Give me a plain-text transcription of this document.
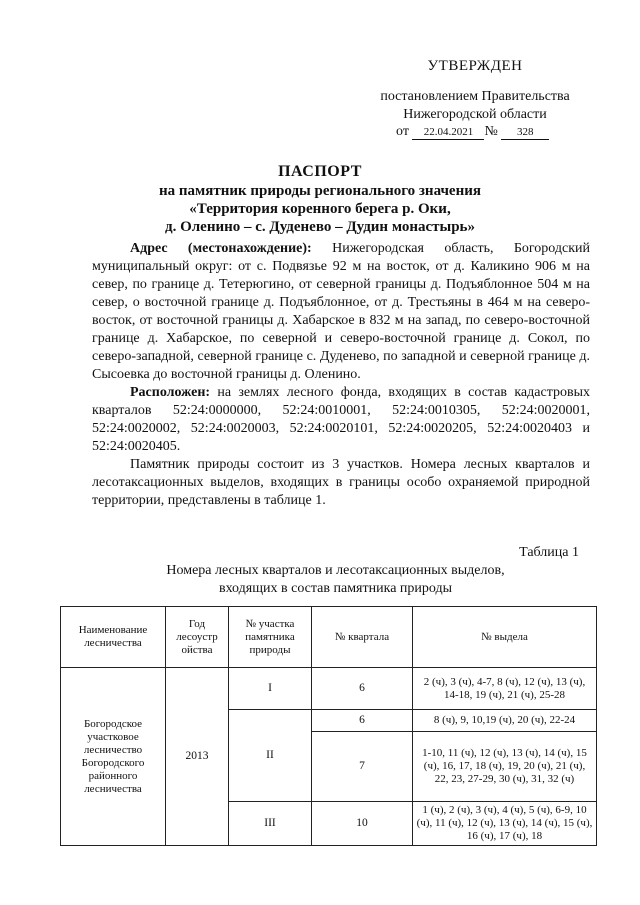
УТВЕРЖДЕН
постановлением Правительства
Нижегородской области
от 22.04.2021 № 328
ПАСПОРТ
на памятник природы регионального значения
«Территория коренного берега р. Оки,
д. Оленино – с. Дуденево – Дудин монастырь»

Адрес (местонахождение): Нижегородская область, Богородский муниципальный округ: от с. Подвязье 92 м на восток, от д. Каликино 906 м на север, по границе д. Тетерюгино, от северной границы д. Подъяблонное 504 м на север, о восточной границе д. Подъяблонное, от д. Трестьяны в 464 м на северо-восток, от восточной границы д. Хабарское в 832 м на запад, по северо-восточной границе д. Хабарское, по северной и северо-восточной границе д. Сокол, по северо-западной, северной границе с. Дуденево, по западной и северной границе д. Сысоевка до восточной границы д. Оленино.

Расположен: на землях лесного фонда, входящих в состав кадастровых кварталов 52:24:0000000, 52:24:0010001, 52:24:0010305, 52:24:0020001, 52:24:0020002, 52:24:0020003, 52:24:0020101, 52:24:0020205, 52:24:0020403 и 52:24:0020405.

Памятник природы состоит из 3 участков. Номера лесных кварталов и лесотаксационных выделов, входящих в границы особо охраняемой природной территории, представлены в таблице 1.

Таблица 1
Номера лесных кварталов и лесотаксационных выделов,
входящих в состав памятника природы
Наименование лесничества	Год лесоустр ойства	№ участка памятника природы	№ квартала	№ выдела
Богородское участковое лесничество Богородского районного лесничества	2013	I	6	2 (ч), 3 (ч), 4-7, 8 (ч), 12 (ч), 13 (ч), 14-18, 19 (ч), 21 (ч), 25-28
		II	6	8 (ч), 9, 10,19 (ч), 20 (ч), 22-24
			7	1-10, 11 (ч), 12 (ч), 13 (ч), 14 (ч), 15 (ч), 16, 17, 18 (ч), 19, 20 (ч), 21 (ч), 22, 23, 27-29, 30 (ч), 31, 32 (ч)
		III	10	1 (ч), 2 (ч), 3 (ч), 4 (ч), 5 (ч), 6-9, 10 (ч), 11 (ч), 12 (ч), 13 (ч), 14 (ч), 15 (ч), 16 (ч), 17 (ч), 18
